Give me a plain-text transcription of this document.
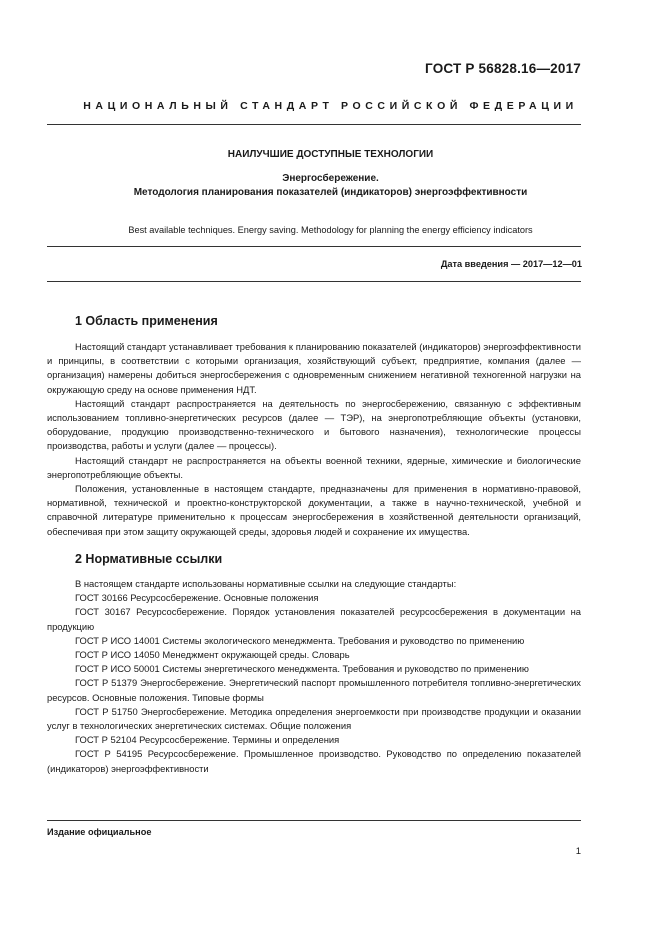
ГОСТ Р 56828.16—2017
НАЦИОНАЛЬНЫЙ СТАНДАРТ РОССИЙСКОЙ ФЕДЕРАЦИИ
НАИЛУЧШИЕ ДОСТУПНЫЕ ТЕХНОЛОГИИ
Энергосбережение.
Методология планирования показателей (индикаторов) энергоэффективности
Best available techniques. Energy saving. Methodology for planning the energy efficiency indicators
Дата введения — 2017—12—01
1 Область применения

Настоящий стандарт устанавливает требования к планированию показателей (индикаторов) энергоэффективности и принципы, в соответствии с которыми организация, хозяйствующий субъект, предприятие, компания (далее — организация) намерены добиться энергосбережения с одновременным снижением негативной техногенной нагрузки на окружающую среду на основе применения НДТ.

Настоящий стандарт распространяется на деятельность по энергосбережению, связанную с эффективным использованием топливно-энергетических ресурсов (далее — ТЭР), на энергопотребляющие объекты (установки, оборудование, продукцию производственно-технического и бытового назначения), технологические процессы производства, работы и услуги (далее — процессы).

Настоящий стандарт не распространяется на объекты военной техники, ядерные, химические и биологические энергопотребляющие объекты.

Положения, установленные в настоящем стандарте, предназначены для применения в нормативно-правовой, нормативной, технической и проектно-конструкторской документации, а также в научно-технической, учебной и справочной литературе применительно к процессам энергосбережения в хозяйственной деятельности организаций, обеспечивая при этом защиту окружающей среды, здоровья людей и сохранение их имущества.

2 Нормативные ссылки

В настоящем стандарте использованы нормативные ссылки на следующие стандарты:

ГОСТ 30166 Ресурсосбережение. Основные положения

ГОСТ 30167 Ресурсосбережение. Порядок установления показателей ресурсосбережения в документации на продукцию

ГОСТ Р ИСО 14001 Системы экологического менеджмента. Требования и руководство по применению

ГОСТ Р ИСО 14050 Менеджмент окружающей среды. Словарь

ГОСТ Р ИСО 50001 Системы энергетического менеджмента. Требования и руководство по применению

ГОСТ Р 51379 Энергосбережение. Энергетический паспорт промышленного потребителя топливно-энергетических ресурсов. Основные положения. Типовые формы

ГОСТ Р 51750 Энергосбережение. Методика определения энергоемкости при производстве продукции и оказании услуг в технологических энергетических системах. Общие положения

ГОСТ Р 52104 Ресурсосбережение. Термины и определения

ГОСТ Р 54195 Ресурсосбережение. Промышленное производство. Руководство по определению показателей (индикаторов) энергоэффективности

Издание официальное
1
